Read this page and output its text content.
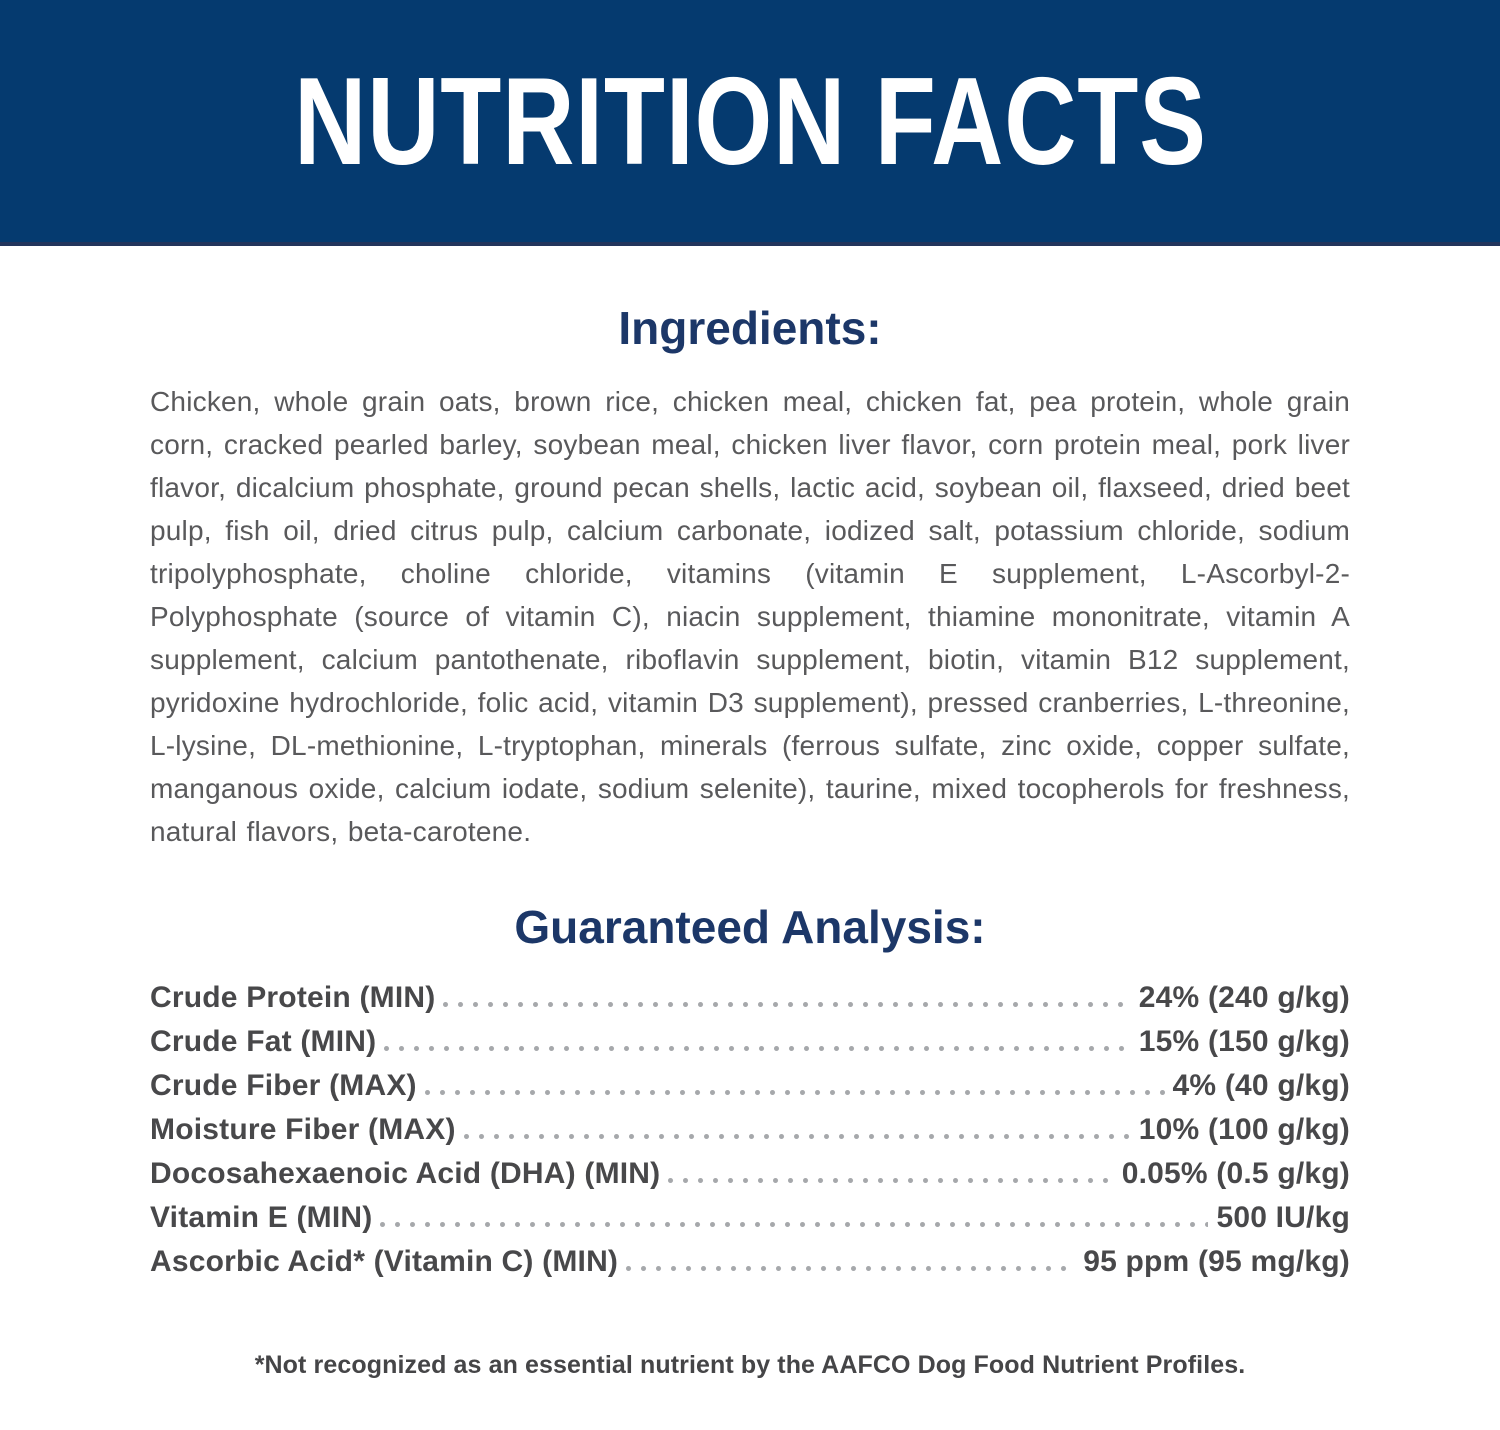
NUTRITION FACTS
Ingredients:
Chicken, whole grain oats, brown rice, chicken meal, chicken fat, pea protein, whole grain corn, cracked pearled barley, soybean meal, chicken liver flavor, corn protein meal, pork liver flavor, dicalcium phosphate, ground pecan shells, lactic acid, soybean oil, flaxseed, dried beet pulp, fish oil, dried citrus pulp, calcium carbonate, iodized salt, potassium chloride, sodium tripolyphosphate, choline chloride, vitamins (vitamin E supplement, L-Ascorbyl-2-Polyphosphate (source of vitamin C), niacin supplement, thiamine mononitrate, vitamin A supplement, calcium pantothenate, riboflavin supplement, biotin, vitamin B12 supplement, pyridoxine hydrochloride, folic acid, vitamin D3 supplement), pressed cranberries, L-threonine, L-lysine, DL-methionine, L-tryptophan, minerals (ferrous sulfate, zinc oxide, copper sulfate, manganous oxide, calcium iodate, sodium selenite), taurine, mixed tocopherols for freshness, natural flavors, beta-carotene.
Guaranteed Analysis:
Crude Protein (MIN)	24% (240 g/kg)
Crude Fat (MIN)	15% (150 g/kg)
Crude Fiber (MAX)	4% (40 g/kg)
Moisture Fiber (MAX)	10% (100 g/kg)
Docosahexaenoic Acid (DHA) (MIN)	0.05% (0.5 g/kg)
Vitamin E (MIN)	500 IU/kg
Ascorbic Acid* (Vitamin C) (MIN)	95 ppm (95 mg/kg)
*Not recognized as an essential nutrient by the AAFCO Dog Food Nutrient Profiles.
